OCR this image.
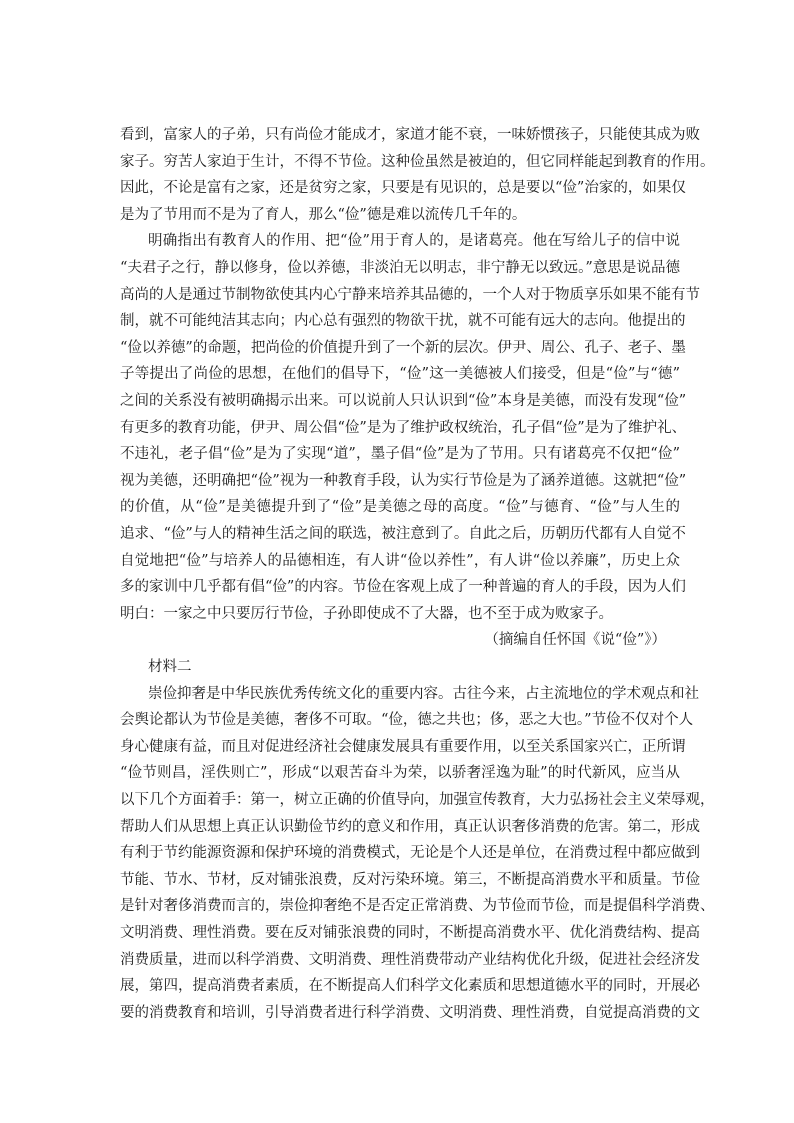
看到，富家人的子弟，只有尚俭才能成才，家道才能不衰，一味娇惯孩子，只能使其成为败
家子。穷苦人家迫于生计，不得不节俭。这种俭虽然是被迫的，但它同样能起到教育的作用。
因此，不论是富有之家，还是贫穷之家，只要是有见识的，总是要以“俭”治家的，如果仅
是为了节用而不是为了育人，那么“俭”德是难以流传几千年的。
明确指出有教育人的作用、把“俭”用于育人的，是诸葛亮。他在写给儿子的信中说
“夫君子之行，静以修身，俭以养德，非淡泊无以明志，非宁静无以致远。”意思是说品德
高尚的人是通过节制物欲使其内心宁静来培养其品德的，一个人对于物质享乐如果不能有节
制，就不可能纯洁其志向；内心总有强烈的物欲干扰，就不可能有远大的志向。他提出的
“俭以养德”的命题，把尚俭的价值提升到了一个新的层次。伊尹、周公、孔子、老子、墨
子等提出了尚俭的思想，在他们的倡导下，“俭”这一美德被人们接受，但是“俭”与“德”
之间的关系没有被明确揭示出来。可以说前人只认识到“俭”本身是美德，而没有发现“俭”
有更多的教育功能，伊尹、周公倡“俭”是为了维护政权统治，孔子倡“俭”是为了维护礼、
不违礼，老子倡“俭”是为了实现“道”，墨子倡“俭”是为了节用。只有诸葛亮不仅把“俭”
视为美德，还明确把“俭”视为一种教育手段，认为实行节俭是为了涵养道德。这就把“俭”
的价值，从“俭”是美德提升到了“俭”是美德之母的高度。“俭”与德育、“俭”与人生的
追求、“俭”与人的精神生活之间的联选，被注意到了。自此之后，历朝历代都有人自觉不
自觉地把“俭”与培养人的品德相连，有人讲“俭以养性”，有人讲“俭以养廉”，历史上众
多的家训中几乎都有倡“俭”的内容。节俭在客观上成了一种普遍的育人的手段，因为人们
明白：一家之中只要厉行节俭，子孙即使成不了大器，也不至于成为败家子。
（摘编自任怀国《说“俭”》）
材料二
崇俭抑奢是中华民族优秀传统文化的重要内容。古往今来，占主流地位的学术观点和社
会舆论都认为节俭是美德，奢侈不可取。“俭，德之共也；侈，恶之大也。”节俭不仅对个人
身心健康有益，而且对促进经济社会健康发展具有重要作用，以至关系国家兴亡，正所谓
“俭节则昌，淫佚则亡”，形成“以艰苦奋斗为荣，以骄奢淫逸为耻”的时代新风，应当从
以下几个方面着手：第一，树立正确的价值导向，加强宣传教育，大力弘扬社会主义荣辱观，
帮助人们从思想上真正认识勤俭节约的意义和作用，真正认识奢侈消费的危害。第二，形成
有利于节约能源资源和保护环境的消费模式，无论是个人还是单位，在消费过程中都应做到
节能、节水、节材，反对铺张浪费，反对污染环境。第三，不断提高消费水平和质量。节俭
是针对奢侈消费而言的，崇俭抑奢绝不是否定正常消费、为节俭而节俭，而是提倡科学消费、
文明消费、理性消费。要在反对铺张浪费的同时，不断提高消费水平、优化消费结构、提高
消费质量，进而以科学消费、文明消费、理性消费带动产业结构优化升级，促进社会经济发
展，第四，提高消费者素质，在不断提高人们科学文化素质和思想道德水平的同时，开展必
要的消费教育和培训，引导消费者进行科学消费、文明消费、理性消费，自觉提高消费的文
